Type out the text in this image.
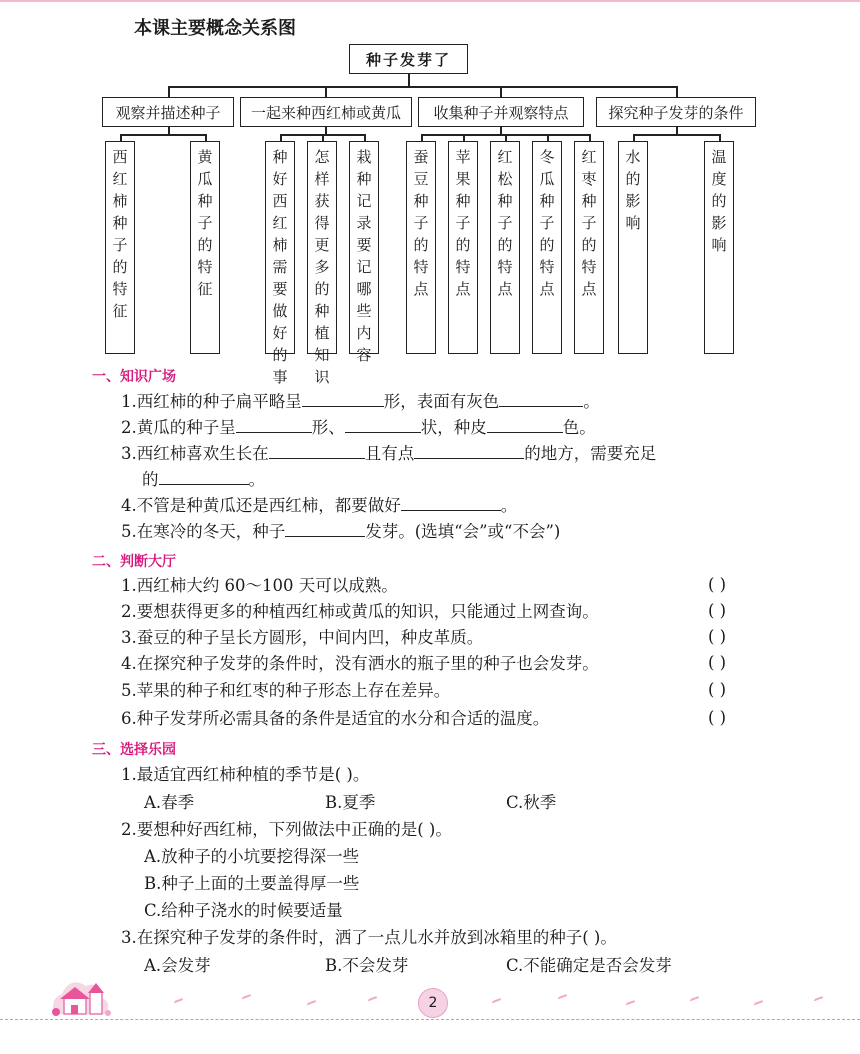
本课主要概念关系图
种子发芽了
观察并描述种子	一起来种西红柿或黄瓜	收集种子并观察特点	探究种子发芽的条件
西
红
柿
种
子
的
特
征
黄
瓜
种
子
的
特
征
种
好
西
红
柿
需
要
做
好
的
事
怎
样
获
得
更
多
的
种
植
知
识
栽
种
记
录
要
记
哪
些
内
容
蚕
豆
种
子
的
特
点
苹
果
种
子
的
特
点
红
松
种
子
的
特
点
冬
瓜
种
子
的
特
点
红
枣
种
子
的
特
点
水
的
影
响
温
度
的
影
响
一、知识广场
1.西红柿的种子扁平略呈	形，表面有灰色	。
2.黄瓜的种子呈	形、	状，种皮	色。
3.西红柿喜欢生长在	且有点	的地方，需要充足
的	。
4.不管是种黄瓜还是西红柿，都要做好	。
5.在寒冷的冬天，种子	发芽。(选填“会”或“不会”)
二、判断大厅
1.西红柿大约 60～100 天可以成熟。	( )
2.要想获得更多的种植西红柿或黄瓜的知识，只能通过上网查询。	( )
3.蚕豆的种子呈长方圆形，中间内凹，种皮革质。	( )
4.在探究种子发芽的条件时，没有洒水的瓶子里的种子也会发芽。	( )
5.苹果的种子和红枣的种子形态上存在差异。	( )
6.种子发芽所必需具备的条件是适宜的水分和合适的温度。	( )
三、选择乐园
1.最适宜西红柿种植的季节是( )。
A.春季	B.夏季	C.秋季
2.要想种好西红柿，下列做法中正确的是( )。
A.放种子的小坑要挖得深一些
B.种子上面的土要盖得厚一些
C.给种子浇水的时候要适量
3.在探究种子发芽的条件时，洒了一点儿水并放到冰箱里的种子( )。
A.会发芽	B.不会发芽	C.不能确定是否会发芽
2
